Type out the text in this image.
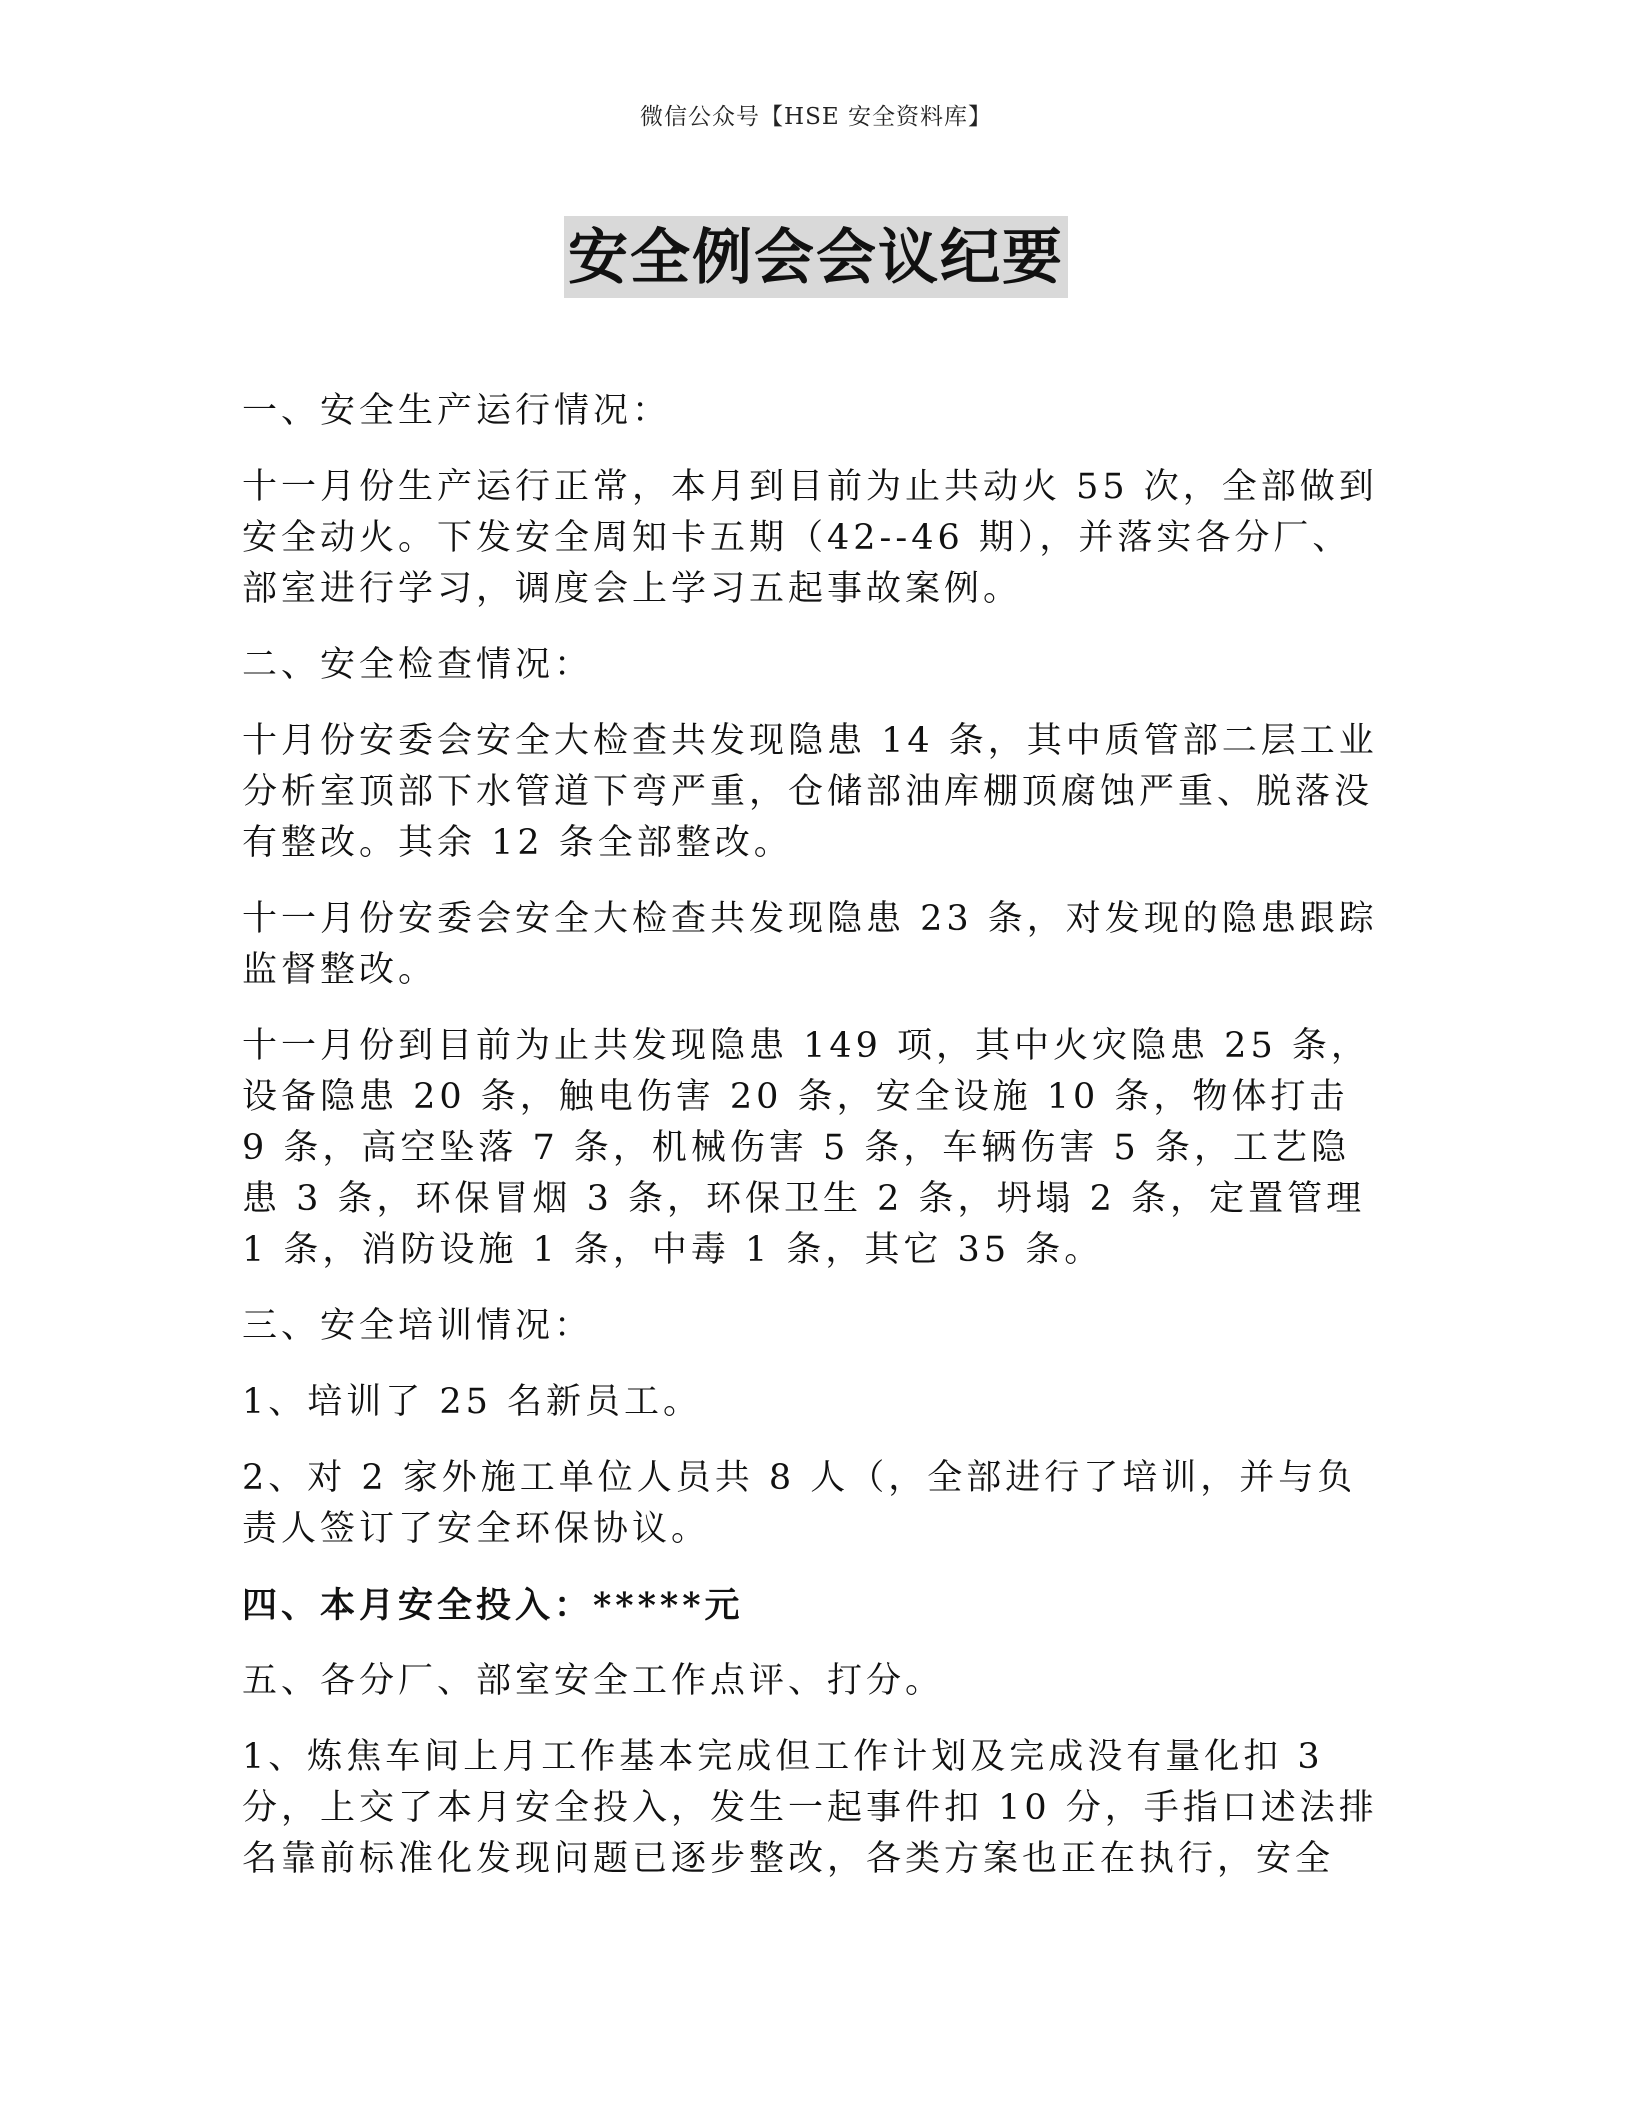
微信公众号【HSE 安全资料库】
安全例会会议纪要

一、安全生产运行情况：

十一月份生产运行正常，本月到目前为止共动火 55 次，全部做到安全动火。下发安全周知卡五期（42--46 期），并落实各分厂、部室进行学习，调度会上学习五起事故案例。

二、安全检查情况：

十月份安委会安全大检查共发现隐患 14 条，其中质管部二层工业分析室顶部下水管道下弯严重，仓储部油库棚顶腐蚀严重、脱落没有整改。其余 12 条全部整改。

十一月份安委会安全大检查共发现隐患 23 条，对发现的隐患跟踪监督整改。

十一月份到目前为止共发现隐患 149 项，其中火灾隐患 25 条，设备隐患 20 条，触电伤害 20 条，安全设施 10 条，物体打击 9 条，高空坠落 7 条，机械伤害 5 条，车辆伤害 5 条，工艺隐患 3 条，环保冒烟 3 条，环保卫生 2 条，坍塌 2 条，定置管理 1 条，消防设施 1 条，中毒 1 条，其它 35 条。

三、安全培训情况：

1、培训了 25 名新员工。

2、对 2 家外施工单位人员共 8 人（，全部进行了培训，并与负责人签订了安全环保协议。

四、本月安全投入：*****元

五、各分厂、部室安全工作点评、打分。

1、炼焦车间上月工作基本完成但工作计划及完成没有量化扣 3 分，上交了本月安全投入，发生一起事件扣 10 分，手指口述法排名靠前标准化发现问题已逐步整改，各类方案也正在执行，安全
